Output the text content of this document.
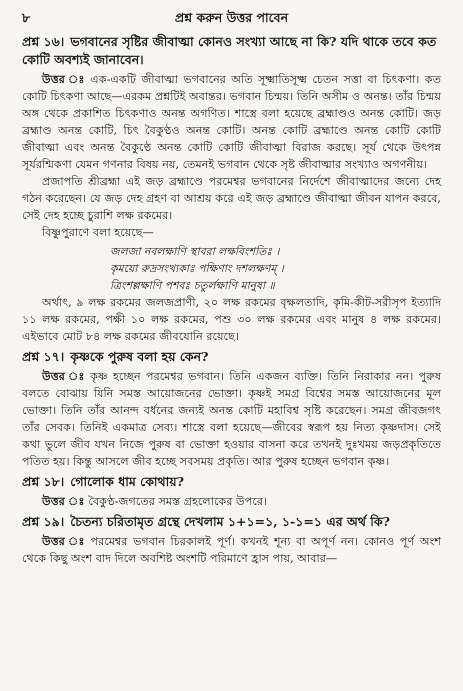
৮	প্রশ্ন করুন উত্তর পাবেন

প্রশ্ন ১৬। ভগবানের সৃষ্টির জীবাত্মা কোনও সংখ্যা আছে না কি? যদি থাকে তবে কত কোটি অবশ্যই জানাবেন।

উত্তর ঃ এক-একটি জীবাত্মা ভগবানের অতি সূক্ষ্মাতিসূক্ষ্ম চেতন সত্তা বা চিৎকণা। কত কোটি চিৎকণা আছে—এরকম প্রশ্নটিই অবান্তর। ভগবান চিন্ময়। তিনি অসীম ও অনন্ত। তাঁর চিন্ময় অঙ্গ থেকে প্রকাশিত চিৎকণাও অনন্ত অগণিত। শাস্ত্রে বলা হয়েছে ব্রহ্মাণ্ডও অনন্ত কোটি। জড় ব্রহ্মাণ্ড অনন্ত কোটি, চিৎ বৈকুণ্ঠও অনন্ত কোটি। অনন্ত কোটি ব্রহ্মাণ্ডে অনন্ত কোটি কোটি জীবাত্মা এবং অনন্ত বৈকুণ্ঠে অনন্ত কোটি কোটি জীবাত্মা বিরাজ করছে। সূর্য থেকে উৎপন্ন সূর্যরশ্মিকণা যেমন গণনার বিষয় নয়, তেমনই ভগবান থেকে সৃষ্ট জীবাত্মার সংখ্যাও অগণনীয়।

প্রজাপতি শ্রীব্রহ্মা এই জড় ব্রহ্মাণ্ডে পরমেশ্বর ভগবানের নির্দেশে জীবাত্মাদের জন্যে দেহ গঠন করেছেন। যে জড় দেহ গ্রহণ বা আশ্রয় করে এই জড় ব্রহ্মাণ্ডে জীবাত্মা জীবন যাপন করবে, সেই দেহ হচ্ছে চুরাশি লক্ষ রকমের।

বিষ্ণুপুরাণে বলা হয়েছে—

জলজা নবলক্ষাণি স্থাবরা লক্ষবিংশতিঃ ।

কৃময়ো রুদ্রসংখ্যকাঃ পক্ষিণাং দশলক্ষণম্ ।

ত্রিংশল্লক্ষাণি পশবঃ চতুর্লক্ষাণি মানুষা ॥

অর্থাৎ, ৯ লক্ষ রকমের জলজপ্রাণী, ২০ লক্ষ রকমের বৃক্ষলতাদি, কৃমি-কীট-সরীসৃপ ইত্যাদি ১১ লক্ষ রকমের, পক্ষী ১০ লক্ষ রকমের, পশু ৩০ লক্ষ রকমের এবং মানুষ ৪ লক্ষ রকমের। এইভাবে মোট ৮৪ লক্ষ রকমের জীবযোনি রয়েছে।

প্রশ্ন ১৭। কৃষ্ণকে পুরুষ বলা হয় কেন?

উত্তর ঃ কৃষ্ণ হচ্ছেন পরমেশ্বর ভগবান। তিনি একজন ব্যক্তি। তিনি নিরাকার নন। পুরুষ বলতে বোঝায় যিনি সমস্ত আয়োজনের ভোক্তা। কৃষ্ণই সমগ্র বিশ্বের সমস্ত আয়োজনের মূল ভোক্তা। তিনি তাঁর আনন্দ বর্ধনের জন্যই অনন্ত কোটি মহাবিশ্ব সৃষ্টি করেছেন। সমগ্র জীবজগৎ তাঁর সেবক। তিনিই একমাত্র সেব্য। শাস্ত্রে বলা হয়েছে—জীবের স্বরূপ হয় নিত্য কৃষ্ণদাস। সেই কথা ভুলে জীব যখন নিজে পুরুষ বা ভোক্তা হওয়ার বাসনা করে তখনই দুঃখময় জড়প্রকৃতিতে পতিত হয়। কিন্তু আসলে জীব হচ্ছে সবসময় প্রকৃতি। আর পুরুষ হচ্ছেন ভগবান কৃষ্ণ।

প্রশ্ন ১৮। গোলোক ধাম কোথায়?

উত্তর ঃ বৈকুণ্ঠ-জগতের সমস্ত গ্রহলোকের উপরে।

প্রশ্ন ১৯। চৈতন্য চরিতামৃত গ্রন্থে দেখলাম ১+১=১, ১-১=১ এর অর্থ কি?

উত্তর ঃ পরমেশ্বর ভগবান চিরকালই পূর্ণ। কখনই শূন্য বা অপূর্ণ নন। কোনও পূর্ণ অংশ থেকে কিছু অংশ বাদ দিলে অবশিষ্ট অংশটি পরিমাণে হ্রাস পায়, আবার—
